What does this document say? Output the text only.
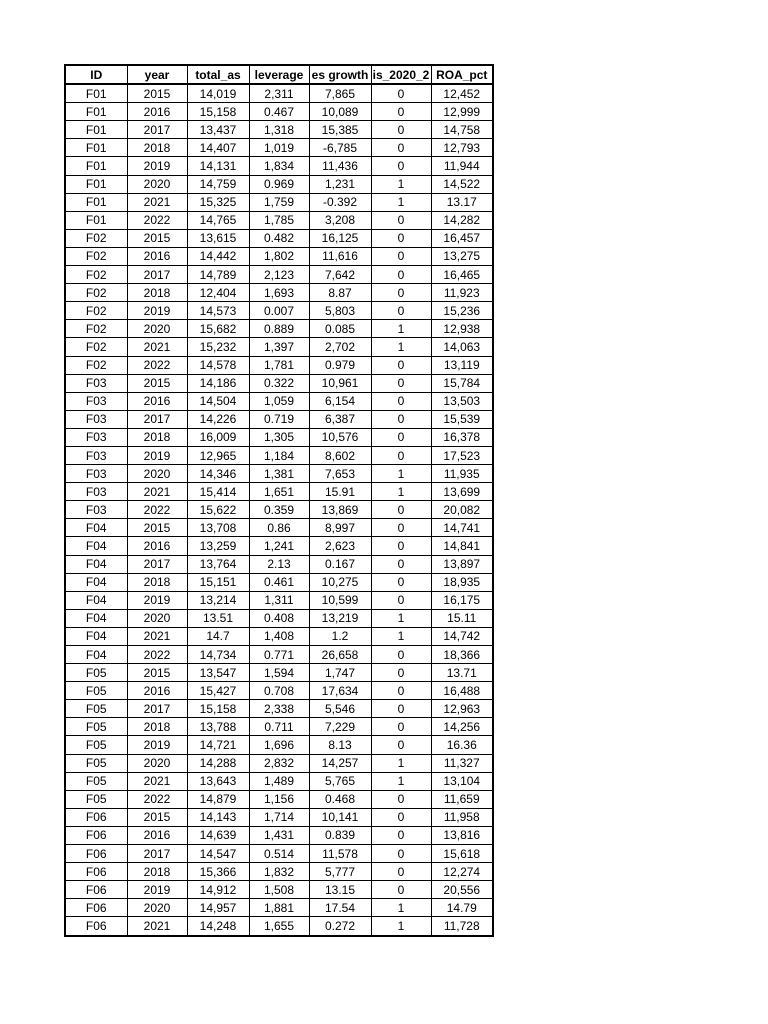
ID	year	total_as	leverage	es growth	is_2020_2	ROA_pct
F01	2015	14,019	2,311	7,865	0	12,452
F01	2016	15,158	0.467	10,089	0	12,999
F01	2017	13,437	1,318	15,385	0	14,758
F01	2018	14,407	1,019	-6,785	0	12,793
F01	2019	14,131	1,834	11,436	0	11,944
F01	2020	14,759	0.969	1,231	1	14,522
F01	2021	15,325	1,759	-0.392	1	13.17
F01	2022	14,765	1,785	3,208	0	14,282
F02	2015	13,615	0.482	16,125	0	16,457
F02	2016	14,442	1,802	11,616	0	13,275
F02	2017	14,789	2,123	7,642	0	16,465
F02	2018	12,404	1,693	8.87	0	11,923
F02	2019	14,573	0.007	5,803	0	15,236
F02	2020	15,682	0.889	0.085	1	12,938
F02	2021	15,232	1,397	2,702	1	14,063
F02	2022	14,578	1,781	0.979	0	13,119
F03	2015	14,186	0.322	10,961	0	15,784
F03	2016	14,504	1,059	6,154	0	13,503
F03	2017	14,226	0.719	6,387	0	15,539
F03	2018	16,009	1,305	10,576	0	16,378
F03	2019	12,965	1,184	8,602	0	17,523
F03	2020	14,346	1,381	7,653	1	11,935
F03	2021	15,414	1,651	15.91	1	13,699
F03	2022	15,622	0.359	13,869	0	20,082
F04	2015	13,708	0.86	8,997	0	14,741
F04	2016	13,259	1,241	2,623	0	14,841
F04	2017	13,764	2.13	0.167	0	13,897
F04	2018	15,151	0.461	10,275	0	18,935
F04	2019	13,214	1,311	10,599	0	16,175
F04	2020	13.51	0.408	13,219	1	15.11
F04	2021	14.7	1,408	1.2	1	14,742
F04	2022	14,734	0.771	26,658	0	18,366
F05	2015	13,547	1,594	1,747	0	13.71
F05	2016	15,427	0.708	17,634	0	16,488
F05	2017	15,158	2,338	5,546	0	12,963
F05	2018	13,788	0.711	7,229	0	14,256
F05	2019	14,721	1,696	8.13	0	16.36
F05	2020	14,288	2,832	14,257	1	11,327
F05	2021	13,643	1,489	5,765	1	13,104
F05	2022	14,879	1,156	0.468	0	11,659
F06	2015	14,143	1,714	10,141	0	11,958
F06	2016	14,639	1,431	0.839	0	13,816
F06	2017	14,547	0.514	11,578	0	15,618
F06	2018	15,366	1,832	5,777	0	12,274
F06	2019	14,912	1,508	13.15	0	20,556
F06	2020	14,957	1,881	17.54	1	14.79
F06	2021	14,248	1,655	0.272	1	11,728
